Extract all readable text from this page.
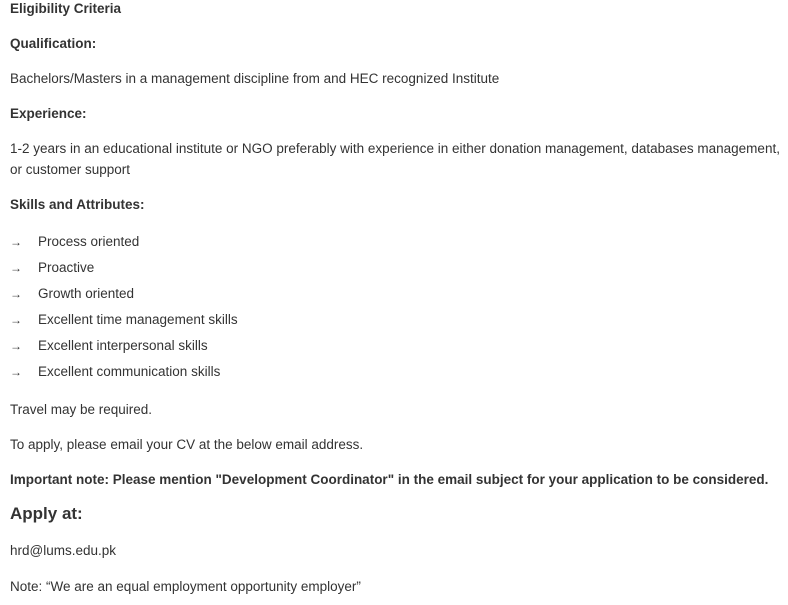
Eligibility Criteria
Qualification:
Bachelors/Masters in a management discipline from and HEC recognized Institute
Experience:
1-2 years in an educational institute or NGO preferably with experience in either donation management, databases management, or customer support
Skills and Attributes:
→ Process oriented
→ Proactive
→ Growth oriented
→ Excellent time management skills
→ Excellent interpersonal skills
→ Excellent communication skills
Travel may be required.
To apply, please email your CV at the below email address.
Important note: Please mention "Development Coordinator" in the email subject for your application to be considered.
Apply at:
hrd@lums.edu.pk
Note: “We are an equal employment opportunity employer”
